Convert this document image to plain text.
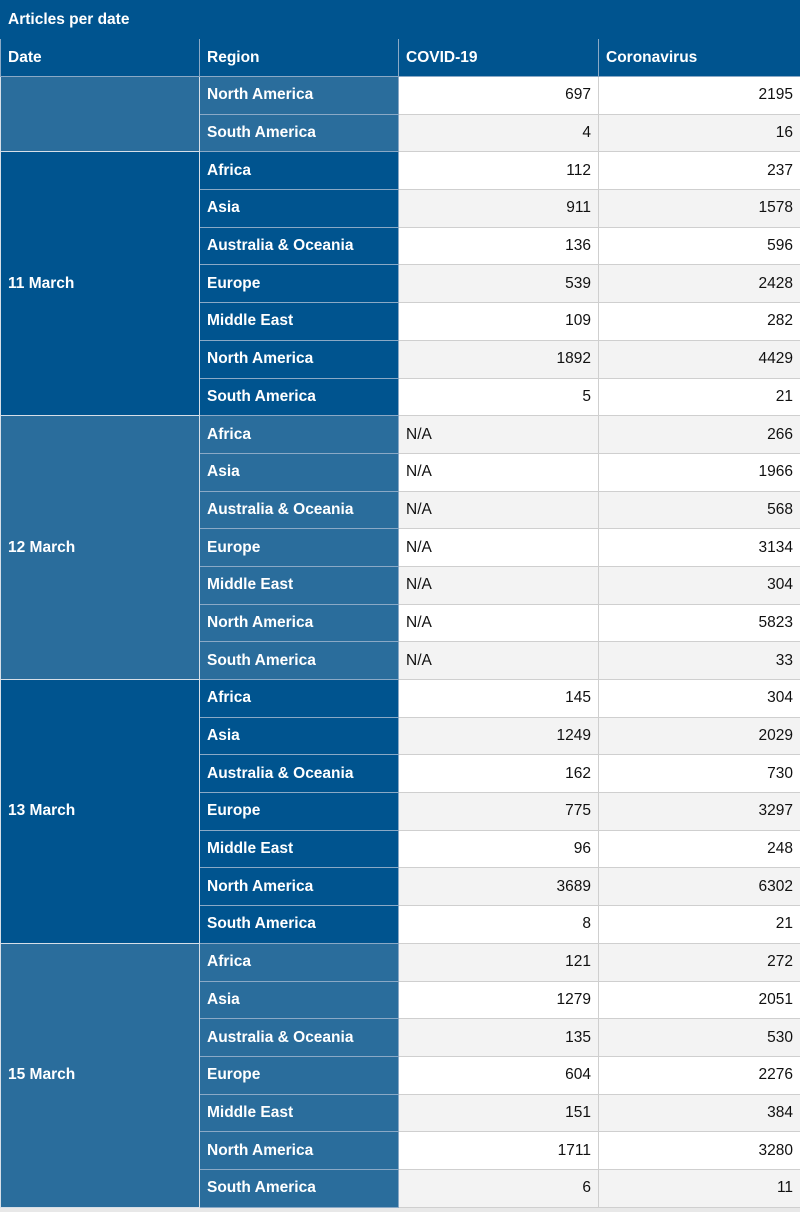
Articles per date			
Date	Region	COVID-19	Coronavirus
	North America	697	2195
	South America	4	16
11 March	Africa	112	237
	Asia	911	1578
	Australia & Oceania	136	596
	Europe	539	2428
	Middle East	109	282
	North America	1892	4429
	South America	5	21
12 March	Africa	N/A	266
	Asia	N/A	1966
	Australia & Oceania	N/A	568
	Europe	N/A	3134
	Middle East	N/A	304
	North America	N/A	5823
	South America	N/A	33
13 March	Africa	145	304
	Asia	1249	2029
	Australia & Oceania	162	730
	Europe	775	3297
	Middle East	96	248
	North America	3689	6302
	South America	8	21
15 March	Africa	121	272
	Asia	1279	2051
	Australia & Oceania	135	530
	Europe	604	2276
	Middle East	151	384
	North America	1711	3280
	South America	6	11
